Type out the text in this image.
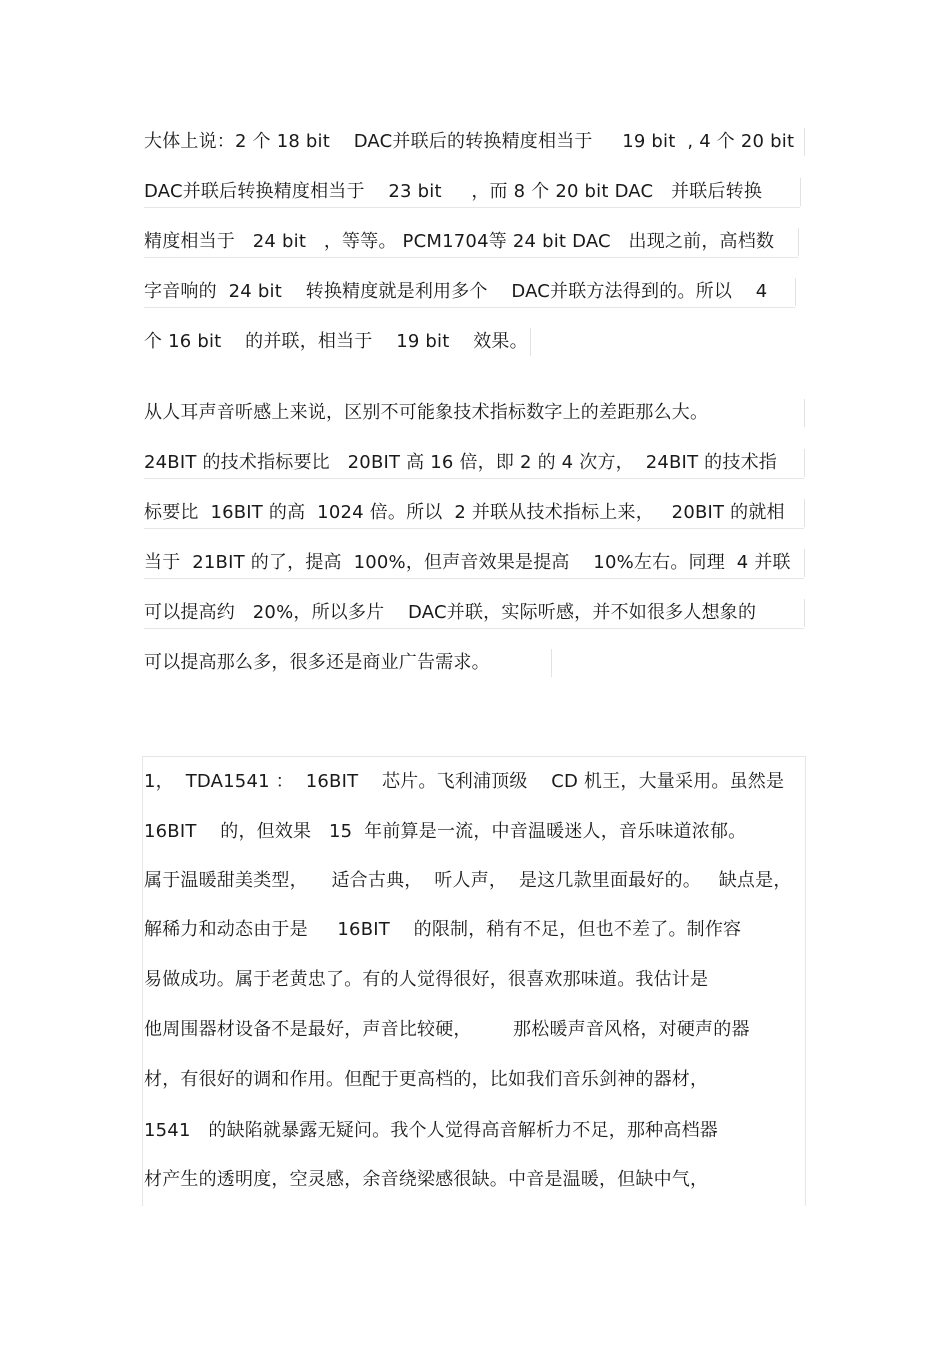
大体上说：2 个 18 bit    DAC并联后的转换精度相当于     19 bit  , 4 个 20 bit
DAC并联后转换精度相当于    23 bit     ，而 8 个 20 bit DAC   并联后转换
精度相当于   24 bit   ，等等。 PCM1704等 24 bit DAC   出现之前，高档数
字音响的  24 bit    转换精度就是利用多个    DAC并联方法得到的。所以    4
个 16 bit    的并联，相当于    19 bit    效果。
从人耳声音听感上来说，区别不可能象技术指标数字上的差距那么大。
24BIT 的技术指标要比   20BIT 高 16 倍，即 2 的 4 次方，  24BIT 的技术指
标要比  16BIT 的高  1024 倍。所以  2 并联从技术指标上来，   20BIT 的就相
当于  21BIT 的了，提高  100%，但声音效果是提高    10%左右。同理  4 并联
可以提高约   20%，所以多片    DAC并联，实际听感，并不如很多人想象的
可以提高那么多，很多还是商业广告需求。
1，  TDA1541 ：  16BIT    芯片。飞利浦顶级    CD 机王，大量采用。虽然是
16BIT    的，但效果   15  年前算是一流，中音温暖迷人，音乐味道浓郁。
属于温暖甜美类型，    适合古典，  听人声，  是这几款里面最好的。   缺点是，
解稀力和动态由于是     16BIT    的限制，稍有不足，但也不差了。制作容
易做成功。属于老黄忠了。有的人觉得很好，很喜欢那味道。我估计是
他周围器材设备不是最好，声音比较硬，       那松暖声音风格，对硬声的器
材，有很好的调和作用。但配于更高档的，比如我们音乐剑神的器材，
1541   的缺陷就暴露无疑问。我个人觉得高音解析力不足，那种高档器
材产生的透明度，空灵感，余音绕梁感很缺。中音是温暖，但缺中气，
